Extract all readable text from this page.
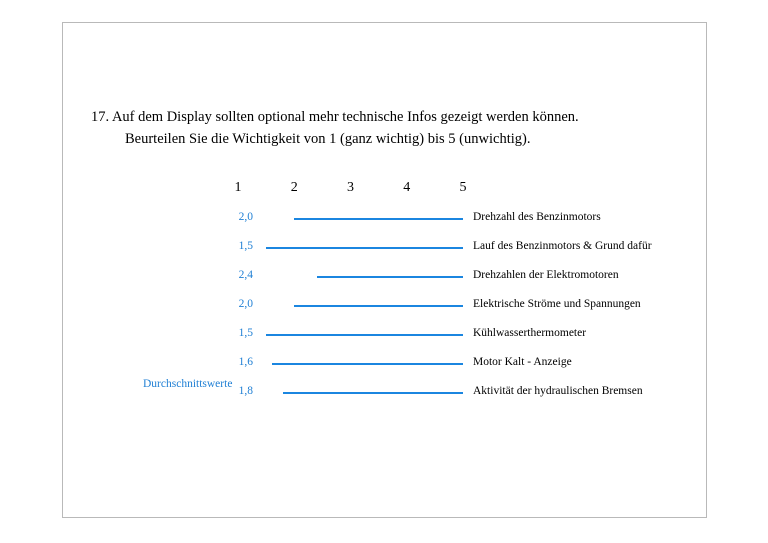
17. Auf dem Display sollten optional mehr technische Infos gezeigt werden können.
Beurteilen Sie die Wichtigkeit von 1 (ganz wichtig) bis 5 (unwichtig).
1	2	3	4	5
2,0	Drehzahl des Benzinmotors
1,5	Lauf des Benzinmotors & Grund dafür
2,4	Drehzahlen der Elektromotoren
2,0	Elektrische Ströme und Spannungen
1,5	Kühlwasserthermometer
1,6	Motor Kalt - Anzeige
1,8	Aktivität der hydraulischen Bremsen
Durchschnittswerte
